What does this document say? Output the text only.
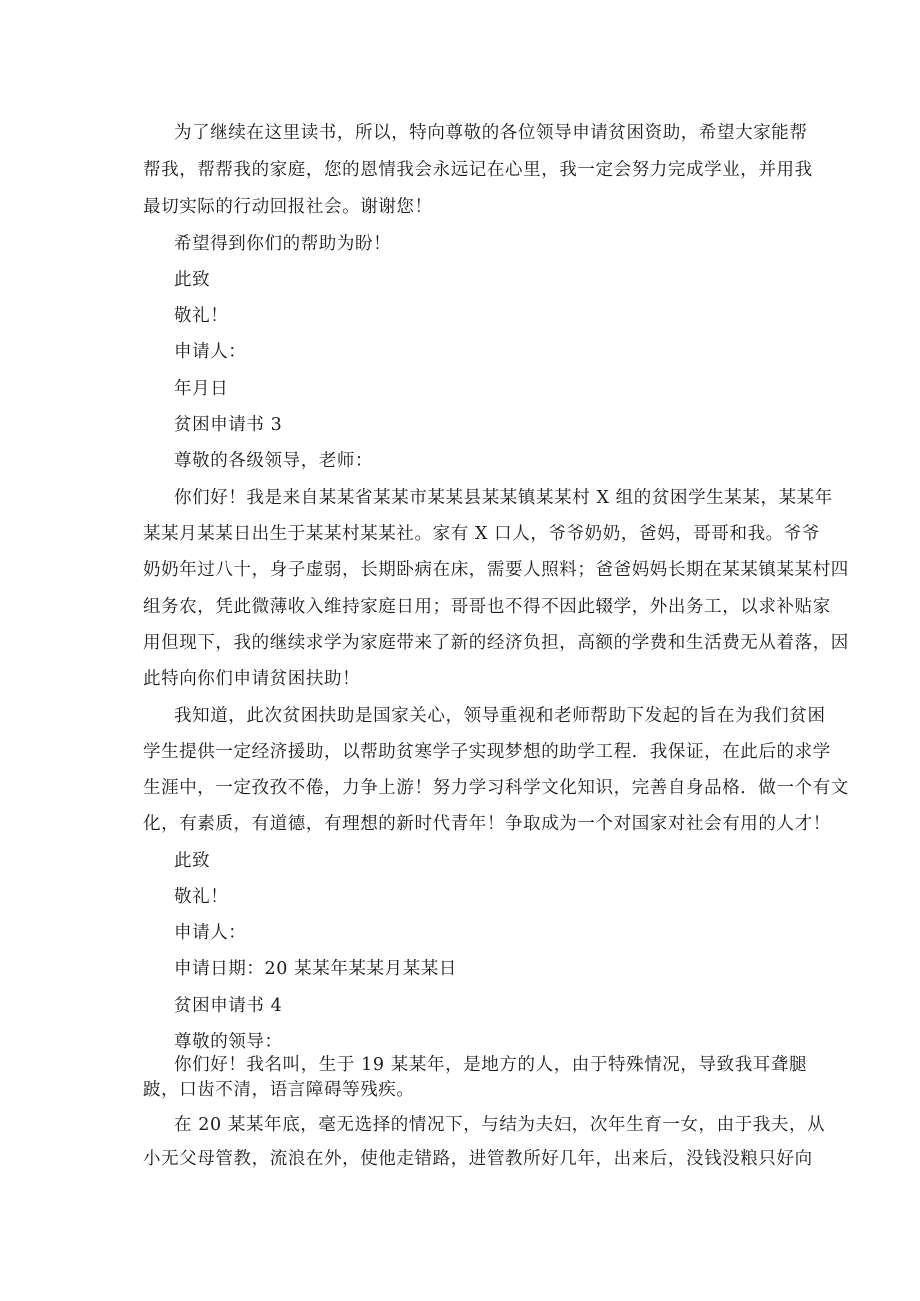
为了继续在这里读书，所以，特向尊敬的各位领导申请贫困资助，希望大家能帮
帮我，帮帮我的家庭，您的恩情我会永远记在心里，我一定会努力完成学业，并用我
最切实际的行动回报社会。谢谢您！
希望得到你们的帮助为盼！
此致
敬礼！
申请人：
年月日
贫困申请书 3
尊敬的各级领导，老师：
你们好！我是来自某某省某某市某某县某某镇某某村 X 组的贫困学生某某，某某年
某某月某某日出生于某某村某某社。家有 X 口人，爷爷奶奶，爸妈，哥哥和我。爷爷
奶奶年过八十，身子虚弱，长期卧病在床，需要人照料；爸爸妈妈长期在某某镇某某村四
组务农，凭此微薄收入维持家庭日用；哥哥也不得不因此辍学，外出务工，以求补贴家
用但现下，我的继续求学为家庭带来了新的经济负担，高额的学费和生活费无从着落，因
此特向你们申请贫困扶助！
我知道，此次贫困扶助是国家关心，领导重视和老师帮助下发起的旨在为我们贫困
学生提供一定经济援助，以帮助贫寒学子实现梦想的助学工程．我保证，在此后的求学
生涯中，一定孜孜不倦，力争上游！努力学习科学文化知识，完善自身品格．做一个有文
化，有素质，有道德，有理想的新时代青年！争取成为一个对国家对社会有用的人才！
此致
敬礼！
申请人：
申请日期：20 某某年某某月某某日
贫困申请书 4
尊敬的领导：
你们好！我名叫，生于 19 某某年，是地方的人，由于特殊情况，导致我耳聋腿
跛，口齿不清，语言障碍等残疾。
在 20 某某年底，毫无选择的情况下，与结为夫妇，次年生育一女，由于我夫，从
小无父母管教，流浪在外，使他走错路，进管教所好几年，出来后，没钱没粮只好向
